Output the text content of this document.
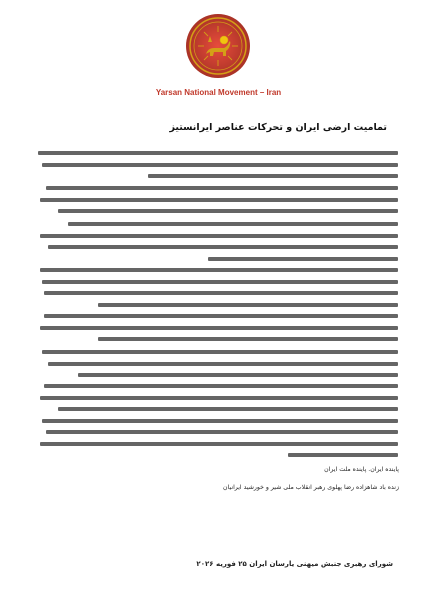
Yarsan National Movement – Iran
تمامیت ارضی ایران و تحرکات عناصر ایرانستیز
پاینده ایران. پاینده ملت ایران
زنده باد شاهزاده رضا پهلوی رهبر انقلاب ملی شیر و خورشید ایرانیان
شورای رهبری جنبش میهنی یارسان ایران ۲۵ فوریه ۲۰۲۶
